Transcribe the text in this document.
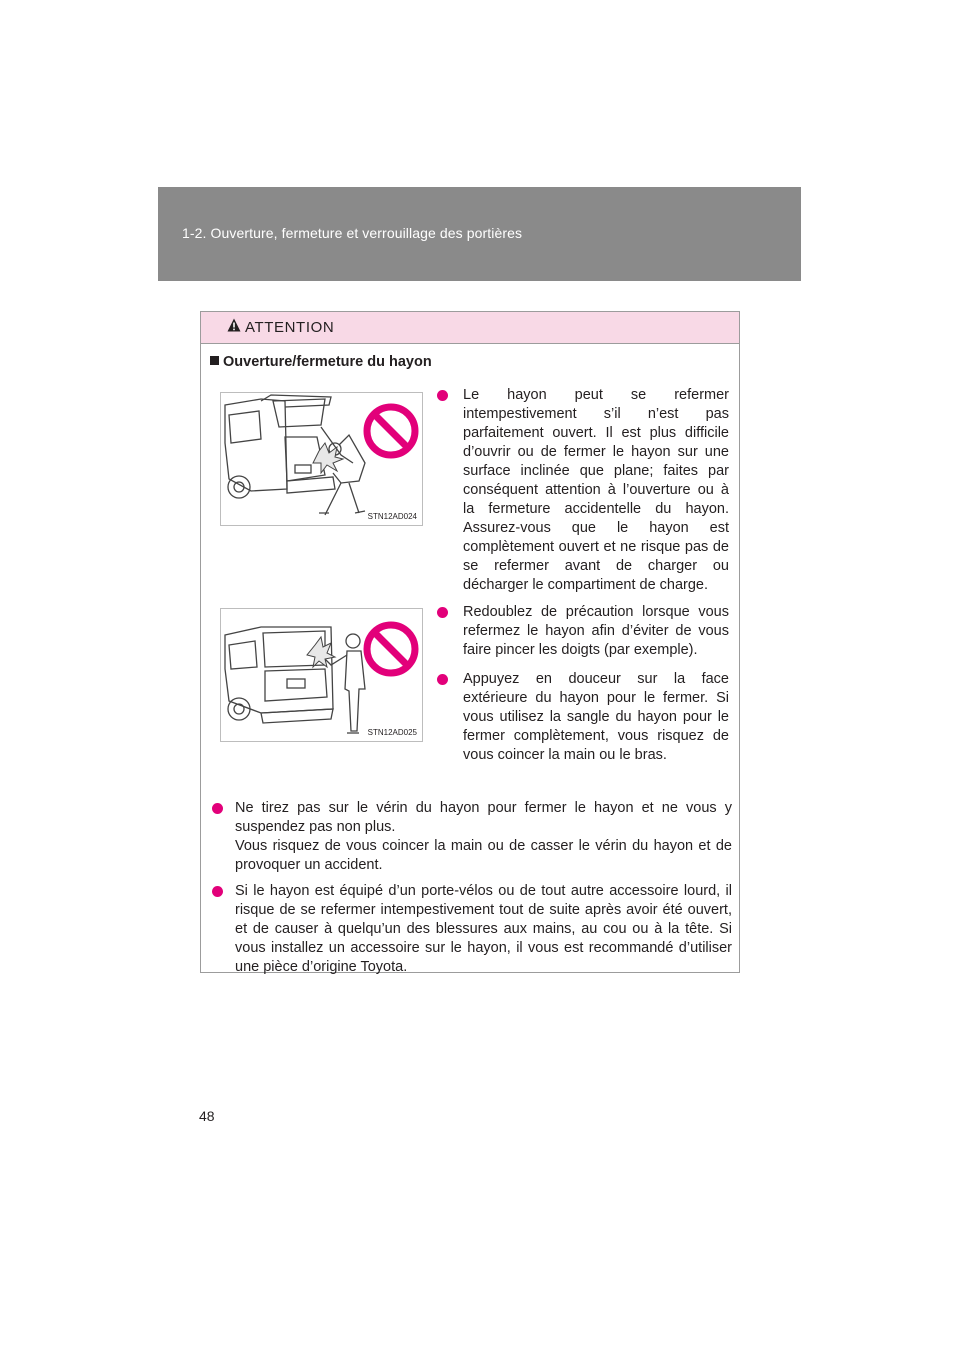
1-2. Ouverture, fermeture et verrouillage des portières
ATTENTION
Ouverture/fermeture du hayon
STN12AD024
STN12AD025

Le hayon peut se refermer intempestivement s’il n’est pas parfaitement ouvert. Il est plus difficile d’ouvrir ou de fermer le hayon sur une surface inclinée que plane; faites par conséquent attention à l’ouverture ou à la fermeture accidentelle du hayon. Assurez-vous que le hayon est complètement ouvert et ne risque pas de se refermer avant de charger ou décharger le compartiment de charge.

Redoublez de précaution lorsque vous refermez le hayon afin d’éviter de vous faire pincer les doigts (par exemple).

Appuyez en douceur sur la face extérieure du hayon pour le fermer. Si vous utilisez la sangle du hayon pour le fermer complètement, vous risquez de vous coincer la main ou le bras.

Ne tirez pas sur le vérin du hayon pour fermer le hayon et ne vous y suspendez pas non plus.
Vous risquez de vous coincer la main ou de casser le vérin du hayon et de provoquer un accident.
Si le hayon est équipé d’un porte-vélos ou de tout autre accessoire lourd, il risque de se refermer intempestivement tout de suite après avoir été ouvert, et de causer à quelqu’un des blessures aux mains, au cou ou à la tête. Si vous installez un accessoire sur le hayon, il vous est recommandé d’utiliser une pièce d’origine Toyota.
48
